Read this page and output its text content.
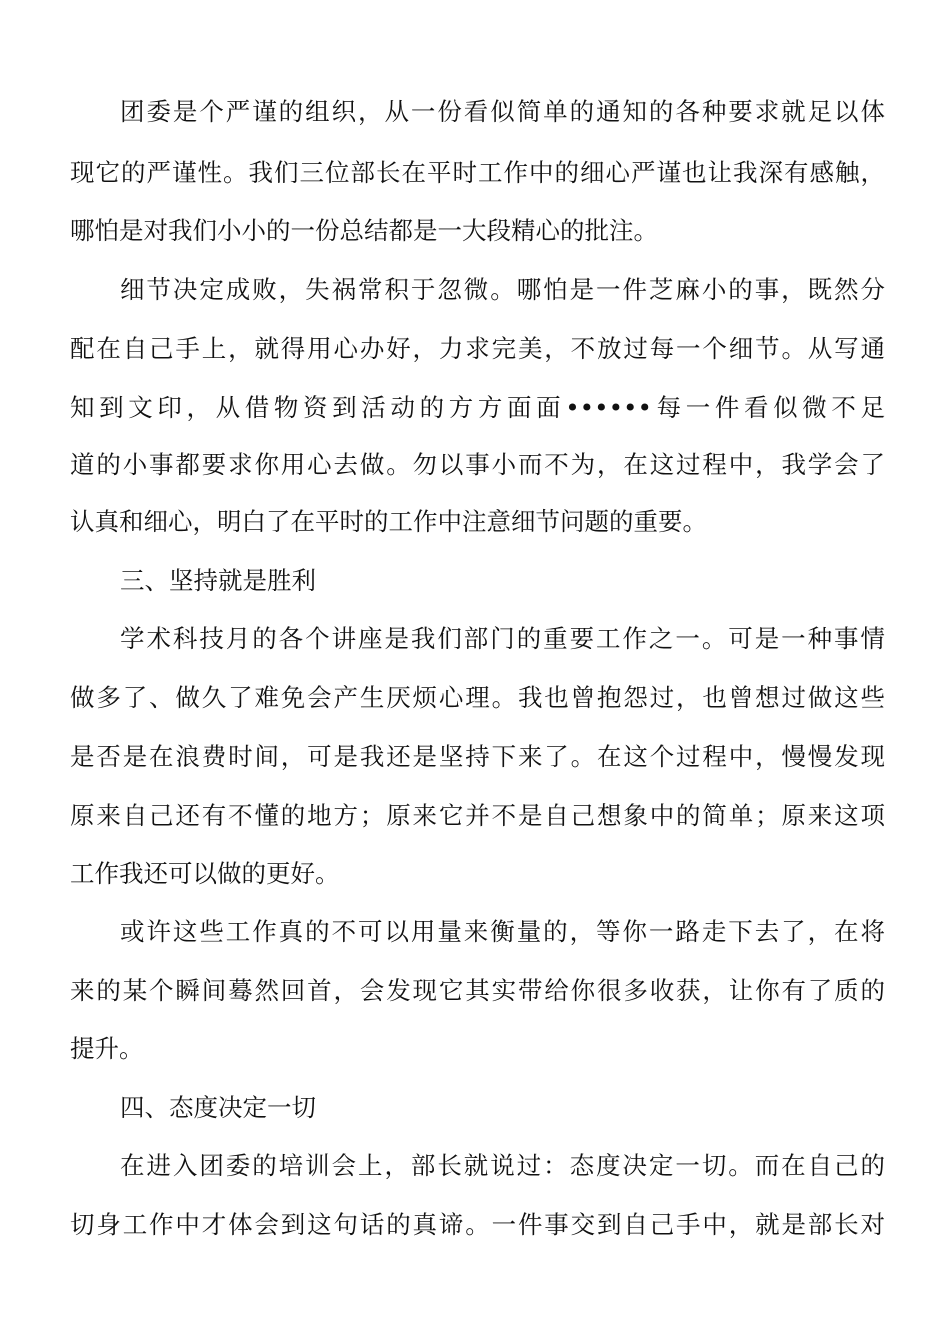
团委是个严谨的组织，从一份看似简单的通知的各种要求就足以体
现它的严谨性。我们三位部长在平时工作中的细心严谨也让我深有感触，
哪怕是对我们小小的一份总结都是一大段精心的批注。
细节决定成败，失祸常积于忽微。哪怕是一件芝麻小的事，既然分
配在自己手上，就得用心办好，力求完美，不放过每一个细节。从写通
知到文印，从借物资到活动的方方面面••••••每一件看似微不足
道的小事都要求你用心去做。勿以事小而不为，在这过程中，我学会了
认真和细心，明白了在平时的工作中注意细节问题的重要。
三、坚持就是胜利
学术科技月的各个讲座是我们部门的重要工作之一。可是一种事情
做多了、做久了难免会产生厌烦心理。我也曾抱怨过，也曾想过做这些
是否是在浪费时间，可是我还是坚持下来了。在这个过程中，慢慢发现
原来自己还有不懂的地方；原来它并不是自己想象中的简单；原来这项
工作我还可以做的更好。
或许这些工作真的不可以用量来衡量的，等你一路走下去了，在将
来的某个瞬间蓦然回首，会发现它其实带给你很多收获，让你有了质的
提升。
四、态度决定一切
在进入团委的培训会上，部长就说过：态度决定一切。而在自己的
切身工作中才体会到这句话的真谛。一件事交到自己手中，就是部长对
